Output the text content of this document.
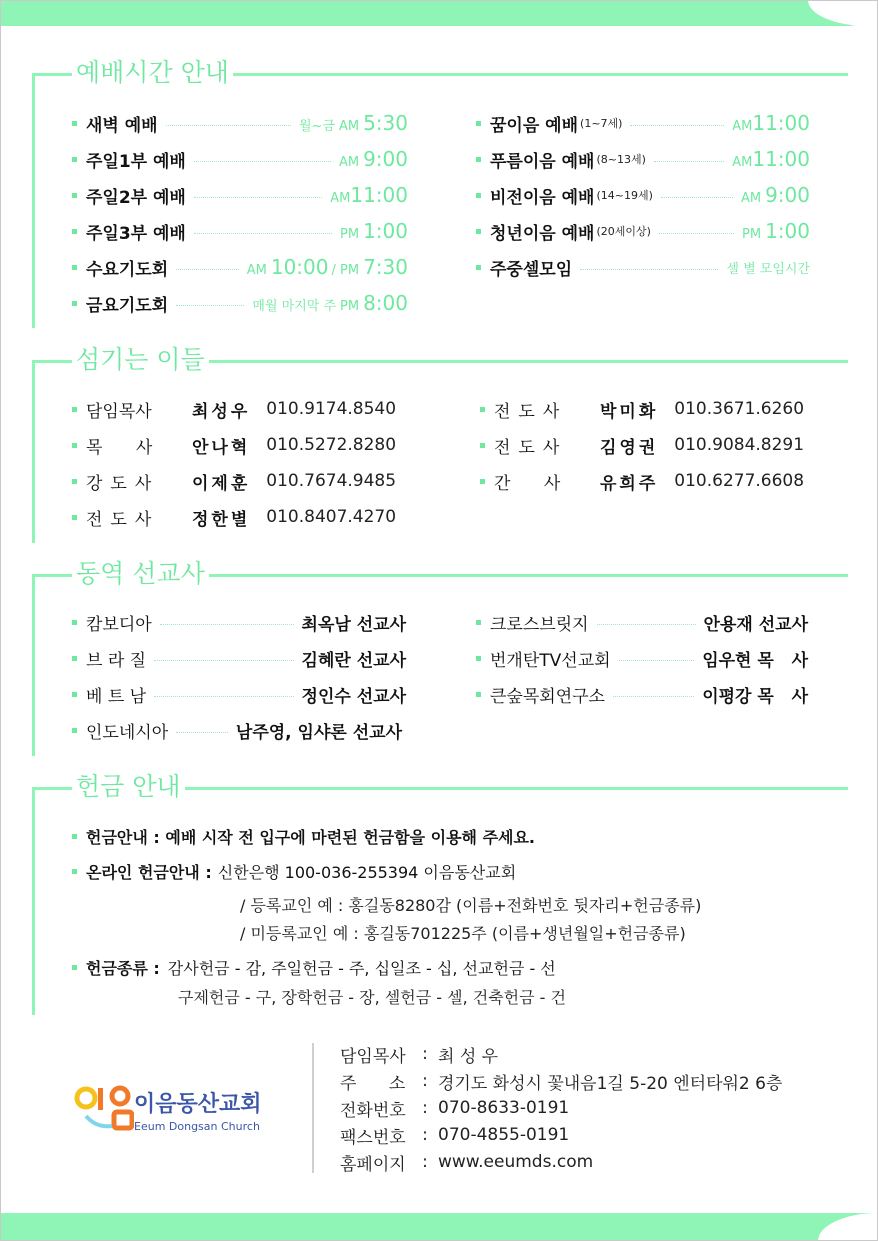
예배시간 안내
새벽 예배	월~금 AM 5:30
주일1부 예배	AM 9:00
주일2부 예배	AM 11:00
주일3부 예배	PM 1:00
수요기도회	AM 10:00 / PM 7:30
금요기도회	매월 마지막 주 PM 8:00
꿈이음 예배 (1~7세)	AM 11:00
푸름이음 예배 (8~13세)	AM 11:00
비전이음 예배 (14~19세)	AM 9:00
청년이음 예배 (20세이상)	PM 1:00
주중셀모임	셀 별 모임시간
섬기는 이들
담임목사	최성우 010.9174.8540
목 사	안나혁 010.5272.8280
강도사	이제훈 010.7674.9485
전도사	정한별 010.8407.4270
전도사	박미화 010.3671.6260
전도사	김영권 010.9084.8291
간 사	유희주 010.6277.6608
동역 선교사
캄보디아	최옥남 선교사
브 라 질	김혜란 선교사
베 트 남	정인수 선교사
인도네시아	남주영, 임샤론 선교사
크로스브릿지	안용재 선교사
번개탄TV선교회	임우현 목   사
큰숲목회연구소	이평강 목   사
헌금 안내
헌금안내 : 예배 시작 전 입구에 마련된 헌금함을 이용해 주세요.
온라인 헌금안내 : 신한은행 100-036-255394 이음동산교회
/ 등록교인 예 : 홍길동8280감 (이름+전화번호 뒷자리+헌금종류)
/ 미등록교인 예 : 홍길동701225주 (이름+생년월일+헌금종류)
헌금종류 : 감사헌금 - 감, 주일헌금 - 주, 십일조 - 십, 선교헌금 - 선
구제헌금 - 구, 장학헌금 - 장, 셀헌금 - 셀, 건축헌금 - 건
이음동산교회
Eeum Dongsan Church
담임목사 : 최 성 우
주      소 : 경기도 화성시 꽃내음1길 5-20 엔터타워2 6층
전화번호 : 070-8633-0191
팩스번호 : 070-4855-0191
홈페이지 : www.eeumds.com
